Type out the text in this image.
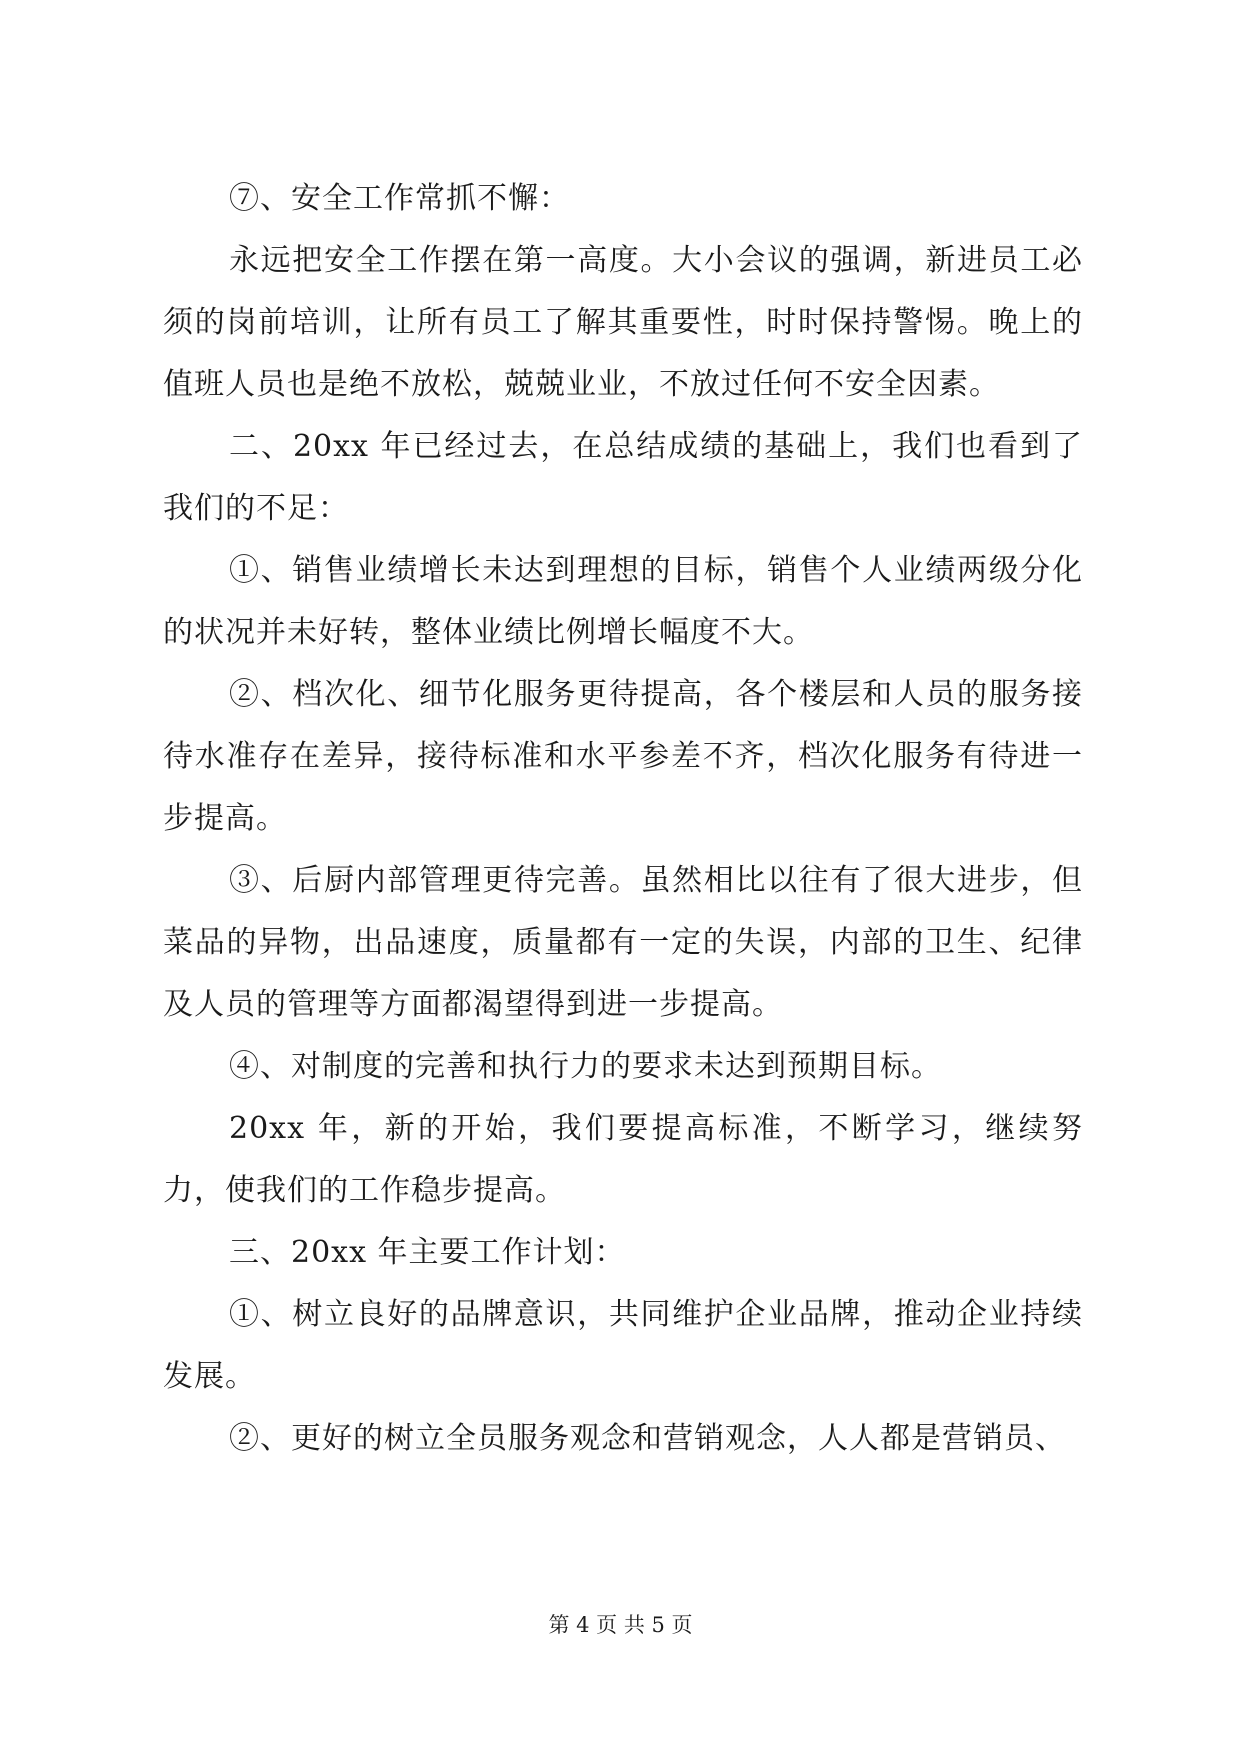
⑦、安全工作常抓不懈：

永远把安全工作摆在第一高度。大小会议的强调，新进员工必须的岗前培训，让所有员工了解其重要性，时时保持警惕。晚上的值班人员也是绝不放松，兢兢业业，不放过任何不安全因素。

二、20xx 年已经过去，在总结成绩的基础上，我们也看到了我们的不足：

①、销售业绩增长未达到理想的目标，销售个人业绩两级分化的状况并未好转，整体业绩比例增长幅度不大。

②、档次化、细节化服务更待提高，各个楼层和人员的服务接待水准存在差异，接待标准和水平参差不齐，档次化服务有待进一步提高。

③、后厨内部管理更待完善。虽然相比以往有了很大进步，但菜品的异物，出品速度，质量都有一定的失误，内部的卫生、纪律及人员的管理等方面都渴望得到进一步提高。

④、对制度的完善和执行力的要求未达到预期目标。

20xx 年，新的开始，我们要提高标准，不断学习，继续努力，使我们的工作稳步提高。

三、20xx 年主要工作计划：

①、树立良好的品牌意识，共同维护企业品牌，推动企业持续发展。

②、更好的树立全员服务观念和营销观念，人人都是营销员、

第 4 页 共 5 页
